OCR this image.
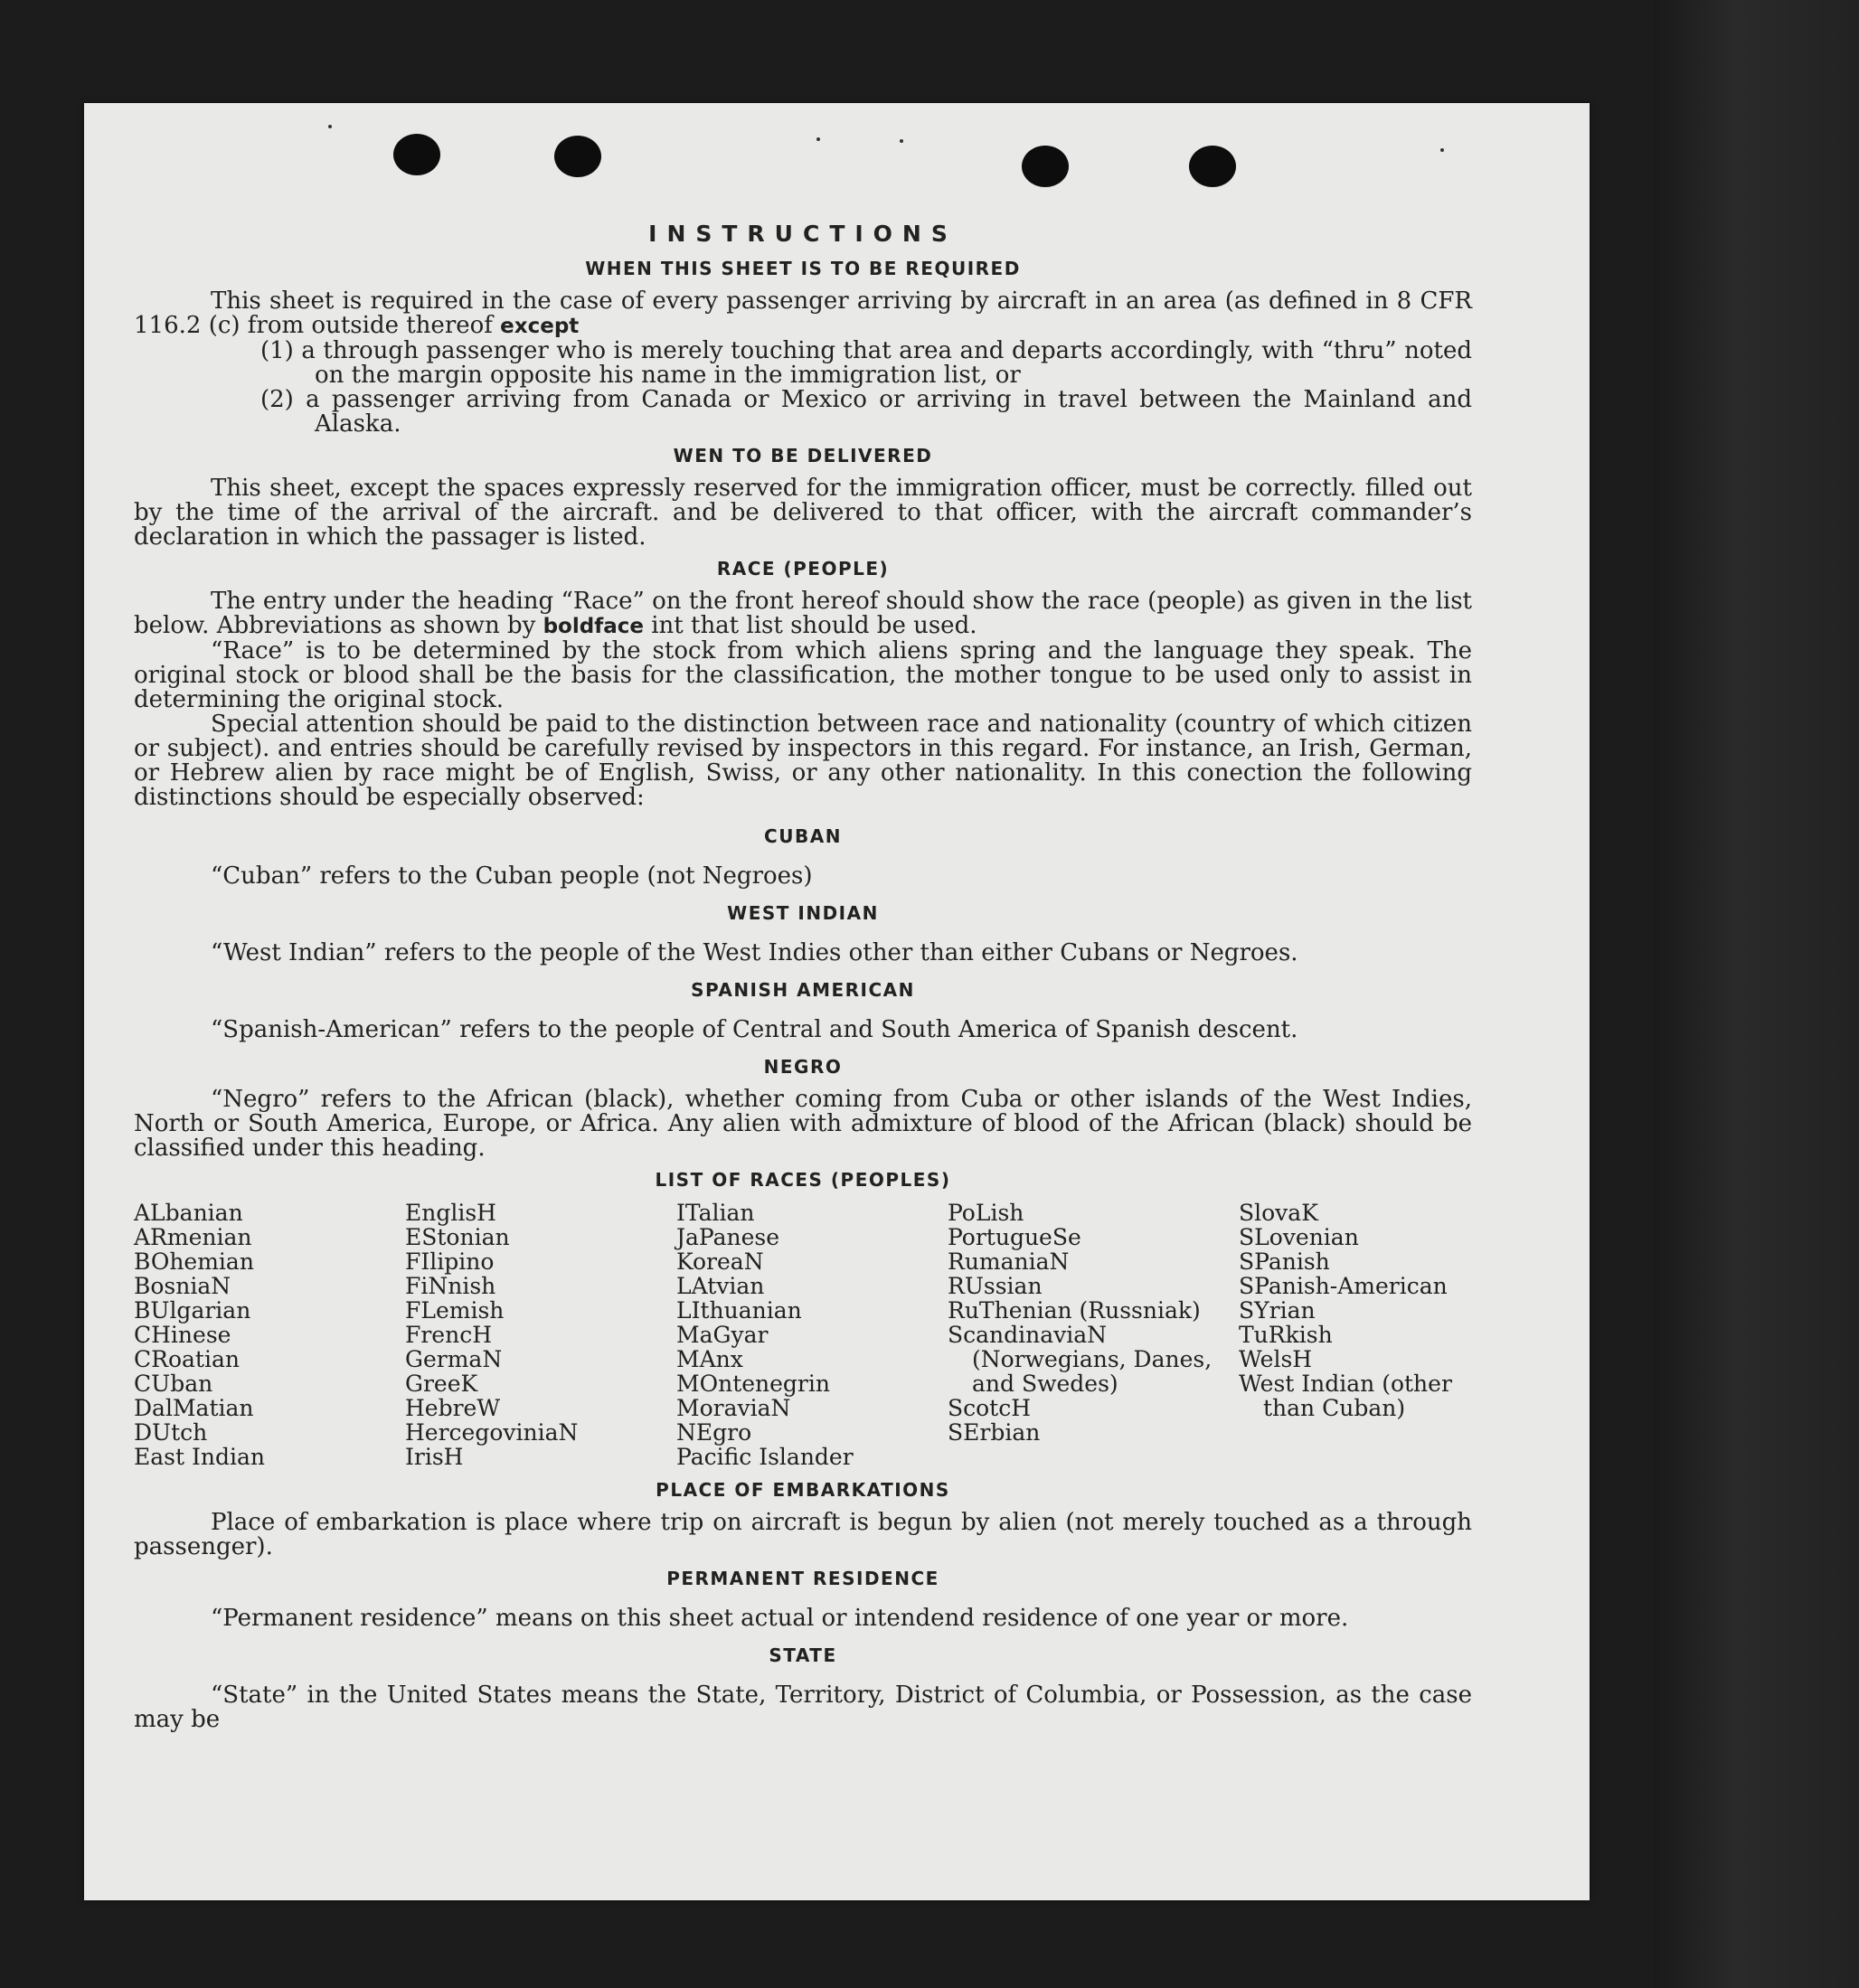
INSTRUCTIONS
WHEN THIS SHEET IS TO BE REQUIRED

This sheet is required in the case of every passenger arriving by aircraft in an area (as defined in 8 CFR 116.2 (c) from outside thereof except

(1) a through passenger who is merely touching that area and departs accordingly, with “thru” noted on the margin opposite his name in the immigration list, or

(2) a passenger arriving from Canada or Mexico or arriving in travel between the Mainland and Alaska.

WEN TO BE DELIVERED

This sheet, except the spaces expressly reserved for the immigration officer, must be correctly. filled out by the time of the arrival of the aircraft. and be delivered to that officer, with the aircraft commander’s declaration in which the passager is listed.

RACE (PEOPLE)

The entry under the heading “Race” on the front hereof should show the race (people) as given in the list below. Abbreviations as shown by boldface int that list should be used.

“Race” is to be determined by the stock from which aliens spring and the language they speak. The original stock or blood shall be the basis for the classification, the mother tongue to be used only to assist in determining the original stock.

Special attention should be paid to the distinction between race and nationality (country of which citizen or subject). and entries should be carefully revised by inspectors in this regard. For instance, an Irish, German, or Hebrew alien by race might be of English, Swiss, or any other nationality. In this conection the following distinctions should be especially observed:

CUBAN

“Cuban” refers to the Cuban people (not Negroes)

WEST INDIAN

“West Indian” refers to the people of the West Indies other than either Cubans or Negroes.

SPANISH AMERICAN

“Spanish-American” refers to the people of Central and South America of Spanish descent.

NEGRO

“Negro” refers to the African (black), whether coming from Cuba or other islands of the West Indies, North or South America, Europe, or Africa. Any alien with admixture of blood of the African (black) should be classified under this heading.

LIST OF RACES (PEOPLES)
ALbanian
ARmenian
BOhemian
BosniaN
BUlgarian
CHinese
CRoatian
CUban
DalMatian
DUtch
East Indian
EnglisH
EStonian
FIlipino
FiNnish
FLemish
FrencH
GermaN
GreeK
HebreW
HercegoviniaN
IrisH
ITalian
JaPanese
KoreaN
LAtvian
LIthuanian
MaGyar
MAnx
MOntenegrin
MoraviaN
NEgro
Pacific Islander
PoLish
PortugueSe
RumaniaN
RUssian
RuThenian (Russniak)
ScandinaviaN (Norwegians, Danes, and Swedes)
ScotcH
SErbian
SlovaK
SLovenian
SPanish
SPanish-American
SYrian
TuRkish
WelsH
West Indian (other than Cuban)
PLACE OF EMBARKATIONS

Place of embarkation is place where trip on aircraft is begun by alien (not merely touched as a through passenger).

PERMANENT RESIDENCE

“Permanent residence” means on this sheet actual or intendend residence of one year or more.

STATE

“State” in the United States means the State, Territory, District of Columbia, or Possession, as the case may be
